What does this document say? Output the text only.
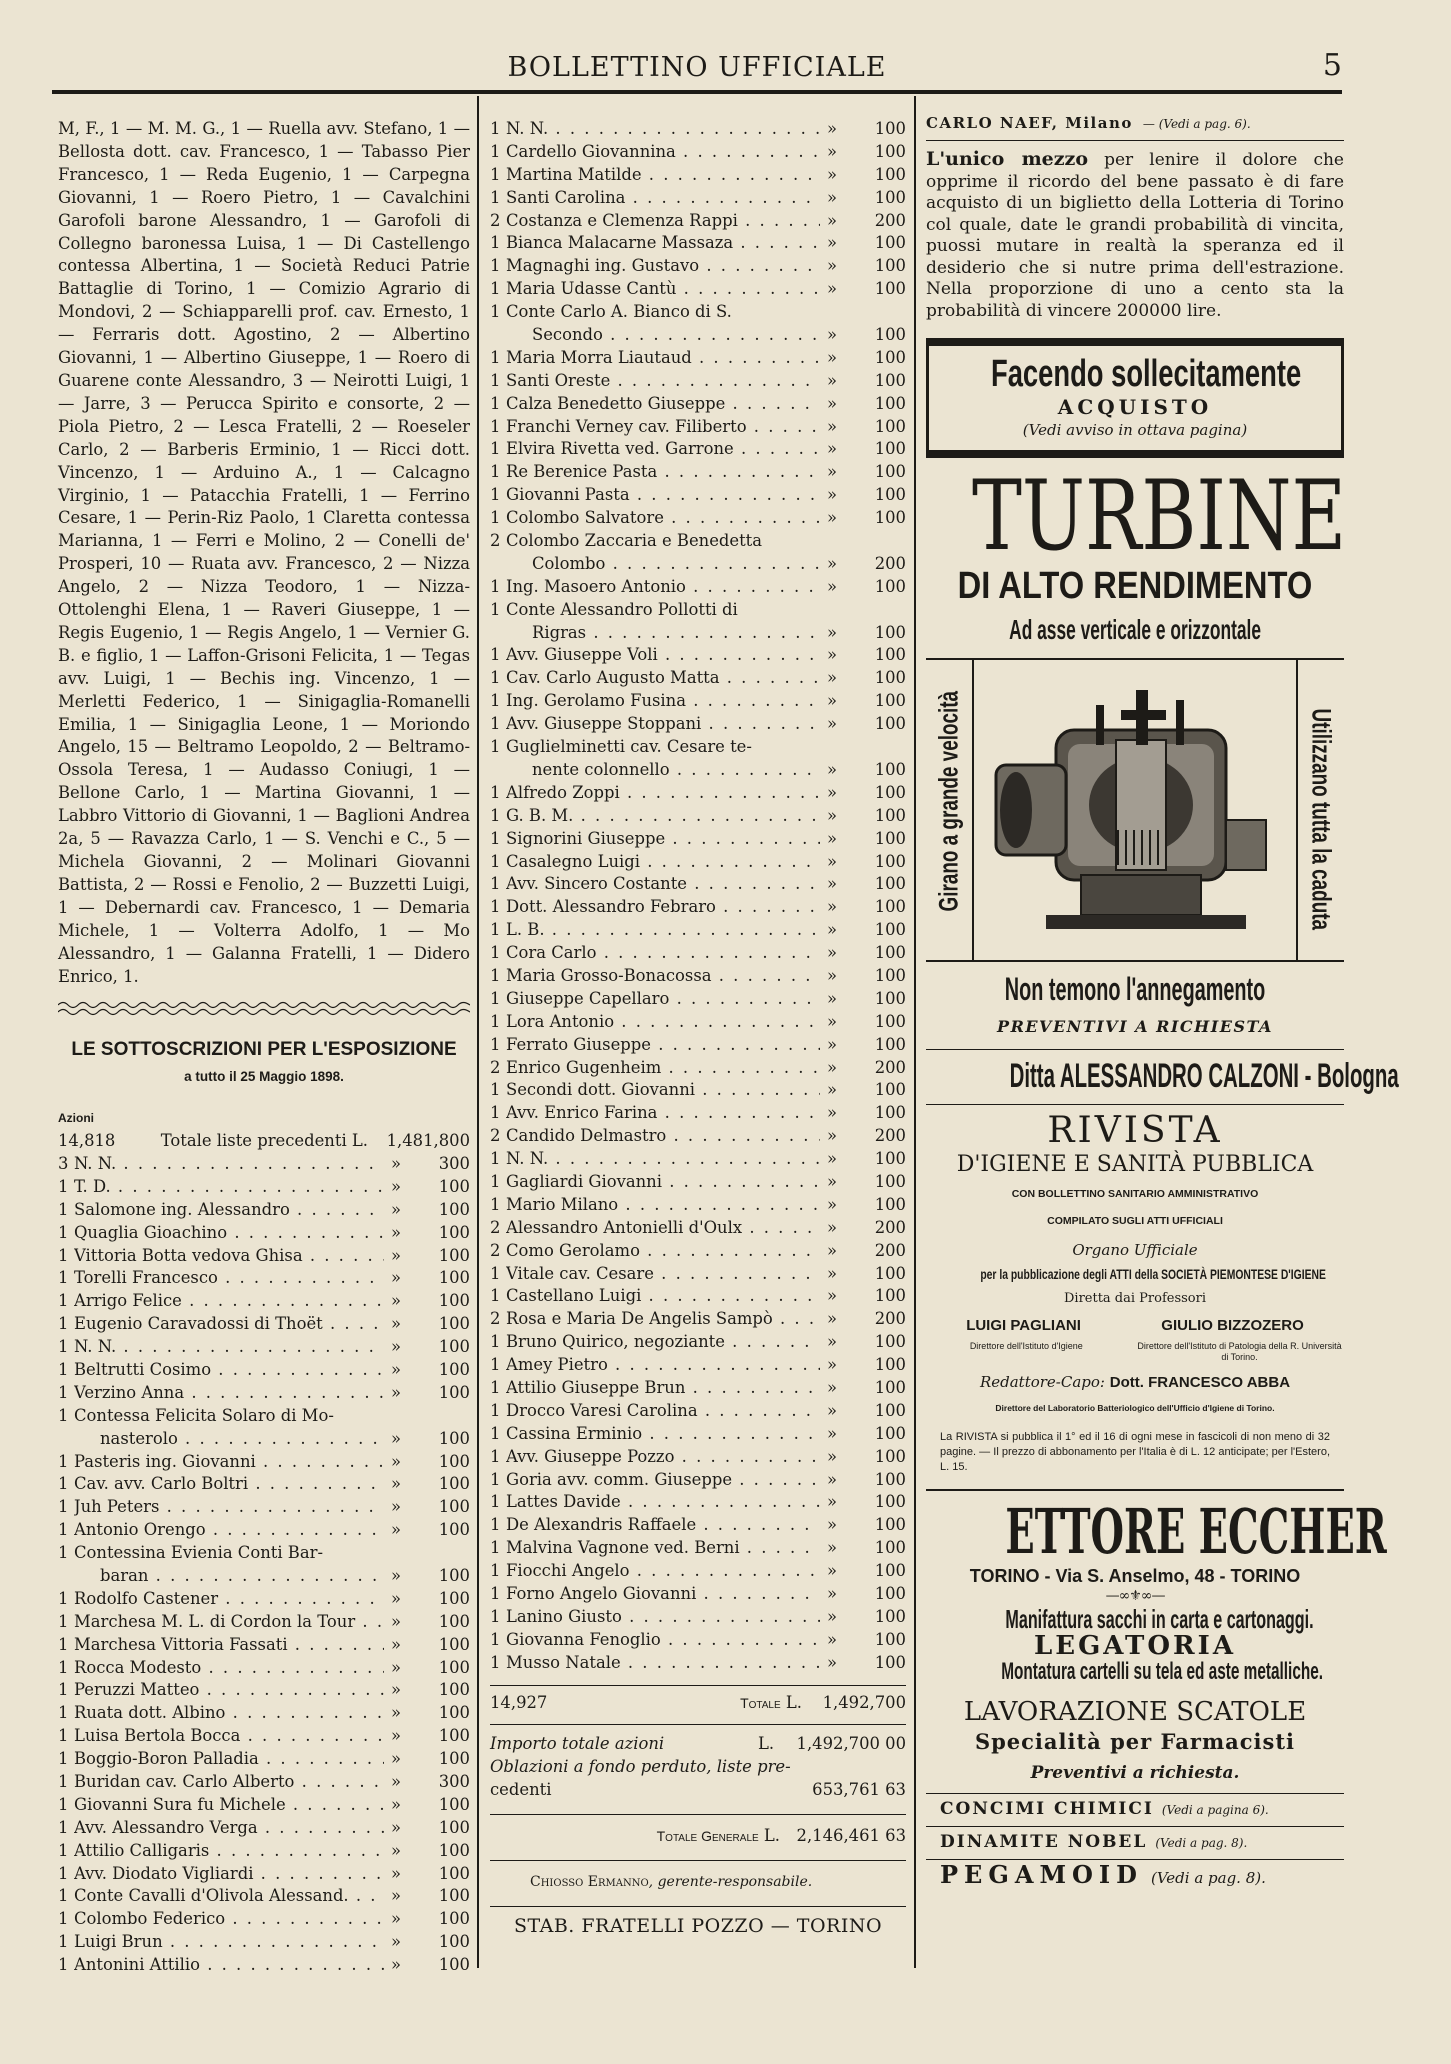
BOLLETTINO UFFICIALE	5
M, F., 1 — M. M. G., 1 — Ruella avv. Stefano, 1 — Bellosta dott. cav. Francesco, 1 — Tabasso Pier Francesco, 1 — Reda Eugenio, 1 — Carpegna Giovanni, 1 — Roero Pietro, 1 — Cavalchini Garofoli barone Alessandro, 1 — Garofoli di Collegno baronessa Luisa, 1 — Di Castellengo contessa Albertina, 1 — Società Reduci Patrie Battaglie di Torino, 1 — Comizio Agrario di Mondovi, 2 — Schiapparelli prof. cav. Ernesto, 1 — Ferraris dott. Agostino, 2 — Albertino Giovanni, 1 — Albertino Giuseppe, 1 — Roero di Guarene conte Alessandro, 3 — Neirotti Luigi, 1 — Jarre, 3 — Perucca Spirito e consorte, 2 — Piola Pietro, 2 — Lesca Fratelli, 2 — Roeseler Carlo, 2 — Barberis Erminio, 1 — Ricci dott. Vincenzo, 1 — Arduino A., 1 — Calcagno Virginio, 1 — Patacchia Fratelli, 1 — Ferrino Cesare, 1 — Perin-Riz Paolo, 1 Claretta contessa Marianna, 1 — Ferri e Molino, 2 — Conelli de' Prosperi, 10 — Ruata avv. Francesco, 2 — Nizza Angelo, 2 — Nizza Teodoro, 1 — Nizza-Ottolenghi Elena, 1 — Raveri Giuseppe, 1 — Regis Eugenio, 1 — Regis Angelo, 1 — Vernier G. B. e figlio, 1 — Laffon-Grisoni Felicita, 1 — Tegas avv. Luigi, 1 — Bechis ing. Vincenzo, 1 — Merletti Federico, 1 — Sinigaglia-Romanelli Emilia, 1 — Sinigaglia Leone, 1 — Moriondo Angelo, 15 — Beltramo Leopoldo, 2 — Beltramo-Ossola Teresa, 1 — Audasso Coniugi, 1 — Bellone Carlo, 1 — Martina Giovanni, 1 — Labbro Vittorio di Giovanni, 1 — Baglioni Andrea 2a, 5 — Ravazza Carlo, 1 — S. Venchi e C., 5 — Michela Giovanni, 2 — Molinari Giovanni Battista, 2 — Rossi e Fenolio, 2 — Buzzetti Luigi, 1 — Debernardi cav. Francesco, 1 — Demaria Michele, 1 — Volterra Adolfo, 1 — Mo Alessandro, 1 — Galanna Fratelli, 1 — Didero Enrico, 1.
LE SOTTOSCRIZIONI PER L'ESPOSIZIONE
a tutto il 25 Maggio 1898.
Azioni
14,818	Totale liste precedenti L.	1,481,800
3 N. N. . . .	»	300
1 T. D. . . .	»	100
1 Salomone ing. Alessandro . . .	»	100
1 Quaglia Gioachino . . .	»	100
1 Vittoria Botta vedova Ghisa . . .	»	100
1 Torelli Francesco . . .	»	100
1 Arrigo Felice . . .	»	100
1 Eugenio Caravadossi di Thoët . . .	»	100
1 N. N. . . .	»	100
1 Beltrutti Cosimo . . .	»	100
1 Verzino Anna . . .	»	100
1 Contessa Felicita Solaro di Mo-
nasterolo . . .	»	100
1 Pasteris ing. Giovanni . . .	»	100
1 Cav. avv. Carlo Boltri . . .	»	100
1 Juh Peters . . .	»	100
1 Antonio Orengo . . .	»	100
1 Contessina Evienia Conti Bar-
baran . . .	»	100
1 Rodolfo Castener . . .	»	100
1 Marchesa M. L. di Cordon la Tour . . .	»	100
1 Marchesa Vittoria Fassati . . .	»	100
1 Rocca Modesto . . .	»	100
1 Peruzzi Matteo . . .	»	100
1 Ruata dott. Albino . . .	»	100
1 Luisa Bertola Bocca . . .	»	100
1 Boggio-Boron Palladia . . .	»	100
1 Buridan cav. Carlo Alberto . . .	»	300
1 Giovanni Sura fu Michele . . .	»	100
1 Avv. Alessandro Verga . . .	»	100
1 Attilio Calligaris . . .	»	100
1 Avv. Diodato Vigliardi . . .	»	100
1 Conte Cavalli d'Olivola Alessand. . . .	»	100
1 Colombo Federico . . .	»	100
1 Luigi Brun . . .	»	100
1 Antonini Attilio . . .	»	100
1 N. N. . . .	»	100
1 Cardello Giovannina . . .	»	100
1 Martina Matilde . . .	»	100
1 Santi Carolina . . .	»	100
2 Costanza e Clemenza Rappi . . .	»	200
1 Bianca Malacarne Massaza . . .	»	100
1 Magnaghi ing. Gustavo . . .	»	100
1 Maria Udasse Cantù . . .	»	100
1 Conte Carlo A. Bianco di S.
Secondo . . .	»	100
1 Maria Morra Liautaud . . .	»	100
1 Santi Oreste . . .	»	100
1 Calza Benedetto Giuseppe . . .	»	100
1 Franchi Verney cav. Filiberto . . .	»	100
1 Elvira Rivetta ved. Garrone . . .	»	100
1 Re Berenice Pasta . . .	»	100
1 Giovanni Pasta . . .	»	100
1 Colombo Salvatore . . .	»	100
2 Colombo Zaccaria e Benedetta
Colombo . . .	»	200
1 Ing. Masoero Antonio . . .	»	100
1 Conte Alessandro Pollotti di
Rigras . . .	»	100
1 Avv. Giuseppe Voli . . .	»	100
1 Cav. Carlo Augusto Matta . . .	»	100
1 Ing. Gerolamo Fusina . . .	»	100
1 Avv. Giuseppe Stoppani . . .	»	100
1 Guglielminetti cav. Cesare te-
nente colonnello . . .	»	100
1 Alfredo Zoppi . . .	»	100
1 G. B. M. . . .	»	100
1 Signorini Giuseppe . . .	»	100
1 Casalegno Luigi . . .	»	100
1 Avv. Sincero Costante . . .	»	100
1 Dott. Alessandro Febraro . . .	»	100
1 L. B. . . .	»	100
1 Cora Carlo . . .	»	100
1 Maria Grosso-Bonacossa . . .	»	100
1 Giuseppe Capellaro . . .	»	100
1 Lora Antonio . . .	»	100
1 Ferrato Giuseppe . . .	»	100
2 Enrico Gugenheim . . .	»	200
1 Secondi dott. Giovanni . . .	»	100
1 Avv. Enrico Farina . . .	»	100
2 Candido Delmastro . . .	»	200
1 N. N. . . .	»	100
1 Gagliardi Giovanni . . .	»	100
1 Mario Milano . . .	»	100
2 Alessandro Antonielli d'Oulx . . .	»	200
2 Como Gerolamo . . .	»	200
1 Vitale cav. Cesare . . .	»	100
1 Castellano Luigi . . .	»	100
2 Rosa e Maria De Angelis Sampò . . .	»	200
1 Bruno Quirico, negoziante . . .	»	100
1 Amey Pietro . . .	»	100
1 Attilio Giuseppe Brun . . .	»	100
1 Drocco Varesi Carolina . . .	»	100
1 Cassina Erminio . . .	»	100
1 Avv. Giuseppe Pozzo . . .	»	100
1 Goria avv. comm. Giuseppe . . .	»	100
1 Lattes Davide . . .	»	100
1 De Alexandris Raffaele . . .	»	100
1 Malvina Vagnone ved. Berni . . .	»	100
1 Fiocchi Angelo . . .	»	100
1 Forno Angelo Giovanni . . .	»	100
1 Lanino Giusto . . .	»	100
1 Giovanna Fenoglio . . .	»	100
1 Musso Natale . . .	»	100
14,927	Totale L.	1,492,700
Importo totale azioni	L.	1,492,700 00
Oblazioni a fondo perduto, liste pre-
cedenti	653,761 63
Totale Generale L.	2,146,461 63
Chiosso Ermanno, gerente-responsabile.
STAB. FRATELLI POZZO — TORINO
CARLO NAEF, Milano — (Vedi a pag. 6).
L'unico mezzo per lenire il dolore che opprime il ricordo del bene passato è di fare acquisto di un biglietto della Lotteria di Torino col quale, date le grandi probabilità di vincita, puossi mutare in realtà la speranza ed il desiderio che si nutre prima dell'estrazione. Nella proporzione di uno a cento sta la probabilità di vincere 200000 lire.
Facendo sollecitamente
ACQUISTO
(Vedi avviso in ottava pagina)
TURBINE
DI ALTO RENDIMENTO
Ad asse verticale e orizzontale
Girano a grande velocità	Utilizzano tutta la caduta
Non temono l'annegamento
PREVENTIVI A RICHIESTA
Ditta ALESSANDRO CALZONI - Bologna
RIVISTA
D'IGIENE E SANITÀ PUBBLICA
CON BOLLETTINO SANITARIO AMMINISTRATIVO
COMPILATO SUGLI ATTI UFFICIALI
Organo Ufficiale
per la pubblicazione degli ATTI della SOCIETÀ PIEMONTESE D'IGIENE
Diretta dai Professori
LUIGI PAGLIANI	GIULIO BIZZOZERO
Direttore dell'Istituto d'Igiene	Direttore dell'Istituto di Patologia della R. Università di Torino.
Redattore-Capo: Dott. FRANCESCO ABBA
Direttore del Laboratorio Batteriologico dell'Ufficio d'Igiene di Torino.
La RIVISTA si pubblica il 1° ed il 16 di ogni mese in fascicoli di non meno di 32 pagine. — Il prezzo di abbonamento per l'Italia è di L. 12 anticipate; per l'Estero, L. 15.
ETTORE ECCHER
TORINO - Via S. Anselmo, 48 - TORINO
—∞⚜∞—
Manifattura sacchi in carta e cartonaggi.
LEGATORIA
Montatura cartelli su tela ed aste metalliche.
LAVORAZIONE SCATOLE
Specialità per Farmacisti
Preventivi a richiesta.
CONCIMI CHIMICI (Vedi a pagina 6).
DINAMITE NOBEL (Vedi a pag. 8).
PEGAMOID (Vedi a pag. 8).
